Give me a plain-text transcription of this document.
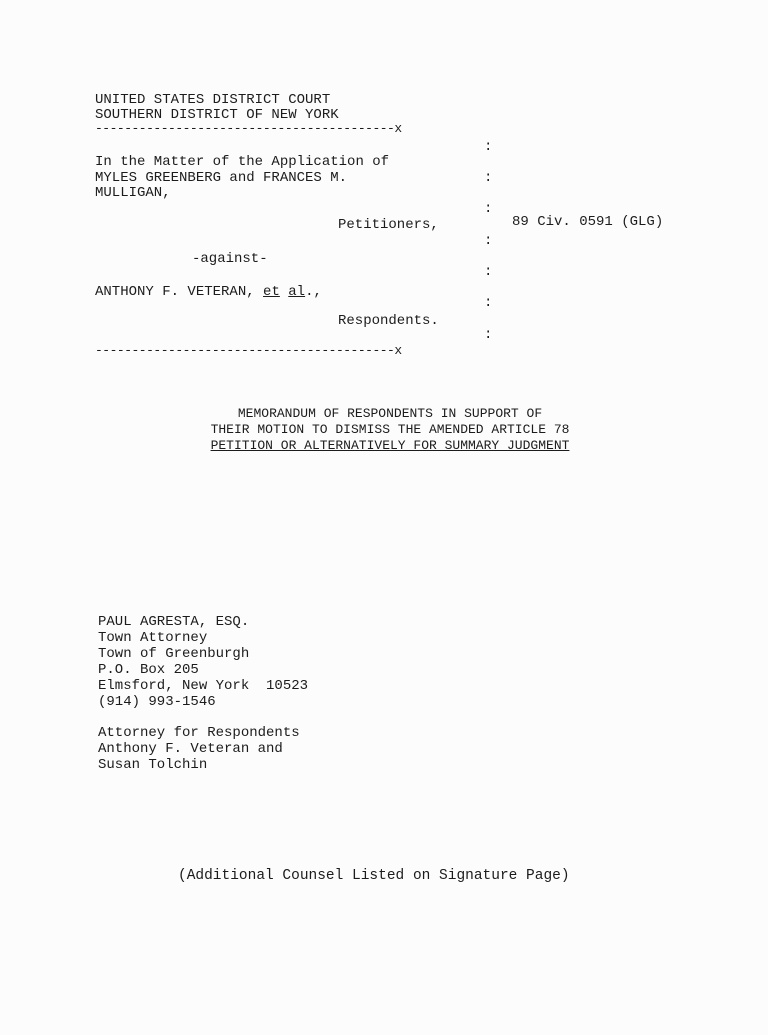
UNITED STATES DISTRICT COURT
SOUTHERN DISTRICT OF NEW YORK
-----------------------------------------x
:
:
:
:
:
:
:
In the Matter of the Application of
MYLES GREENBERG and FRANCES M.
MULLIGAN,
Petitioners,	89 Civ. 0591 (GLG)
-against-
ANTHONY F. VETERAN, et al.,
Respondents.
-----------------------------------------x
MEMORANDUM OF RESPONDENTS IN SUPPORT OF
THEIR MOTION TO DISMISS THE AMENDED ARTICLE 78
PETITION OR ALTERNATIVELY FOR SUMMARY JUDGMENT
PAUL AGRESTA, ESQ.
Town Attorney
Town of Greenburgh
P.O. Box 205
Elmsford, New York  10523
(914) 993-1546
Attorney for Respondents
Anthony F. Veteran and
Susan Tolchin
(Additional Counsel Listed on Signature Page)
